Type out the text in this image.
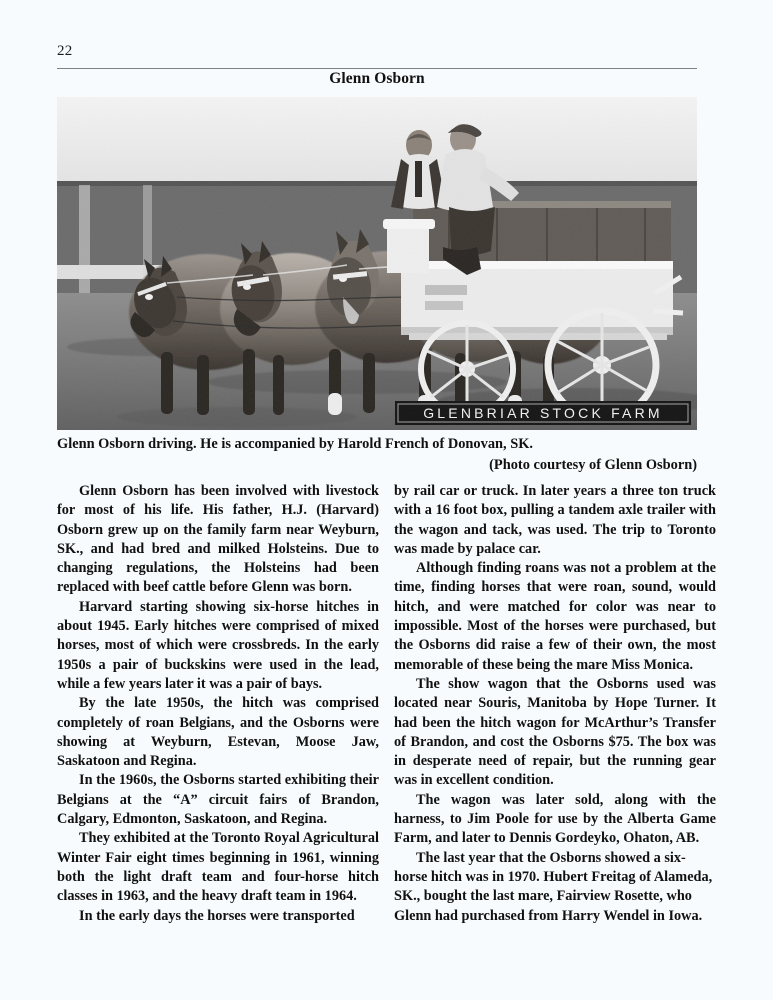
22
Glenn Osborn
Glenn Osborn driving. He is accompanied by Harold French of Donovan, SK.
(Photo courtesy of Glenn Osborn)

Glenn Osborn has been involved with livestock for most of his life. His father, H.J. (Harvard) Osborn grew up on the family farm near Weyburn, SK., and had bred and milked Holsteins. Due to changing regulations, the Holsteins had been replaced with beef cattle before Glenn was born.

Harvard starting showing six-horse hitches in about 1945. Early hitches were comprised of mixed horses, most of which were crossbreds. In the early 1950s a pair of buckskins were used in the lead, while a few years later it was a pair of bays.

By the late 1950s, the hitch was comprised completely of roan Belgians, and the Osborns were showing at Weyburn, Estevan, Moose Jaw, Saskatoon and Regina.

In the 1960s, the Osborns started exhibiting their Belgians at the “A” circuit fairs of Brandon, Calgary, Edmonton, Saskatoon, and Regina.

They exhibited at the Toronto Royal Agricultural Winter Fair eight times beginning in 1961, winning both the light draft team and four-horse hitch classes in 1963, and the heavy draft team in 1964.

In the early days the horses were transported

by rail car or truck. In later years a three ton truck with a 16 foot box, pulling a tandem axle trailer with the wagon and tack, was used. The trip to Toronto was made by palace car.

Although finding roans was not a problem at the time, finding horses that were roan, sound, would hitch, and were matched for color was near to impossible. Most of the horses were purchased, but the Osborns did raise a few of their own, the most memorable of these being the mare Miss Monica.

The show wagon that the Osborns used was located near Souris, Manitoba by Hope Turner. It had been the hitch wagon for McArthur’s Transfer of Brandon, and cost the Osborns $75. The box was in desperate need of repair, but the running gear was in excellent condition.

The wagon was later sold, along with the harness, to Jim Poole for use by the Alberta Game Farm, and later to Dennis Gordeyko, Ohaton, AB.

The last year that the Osborns showed a six-horse hitch was in 1970. Hubert Freitag of Alameda, SK., bought the last mare, Fairview Rosette, who Glenn had purchased from Harry Wendel in Iowa.
